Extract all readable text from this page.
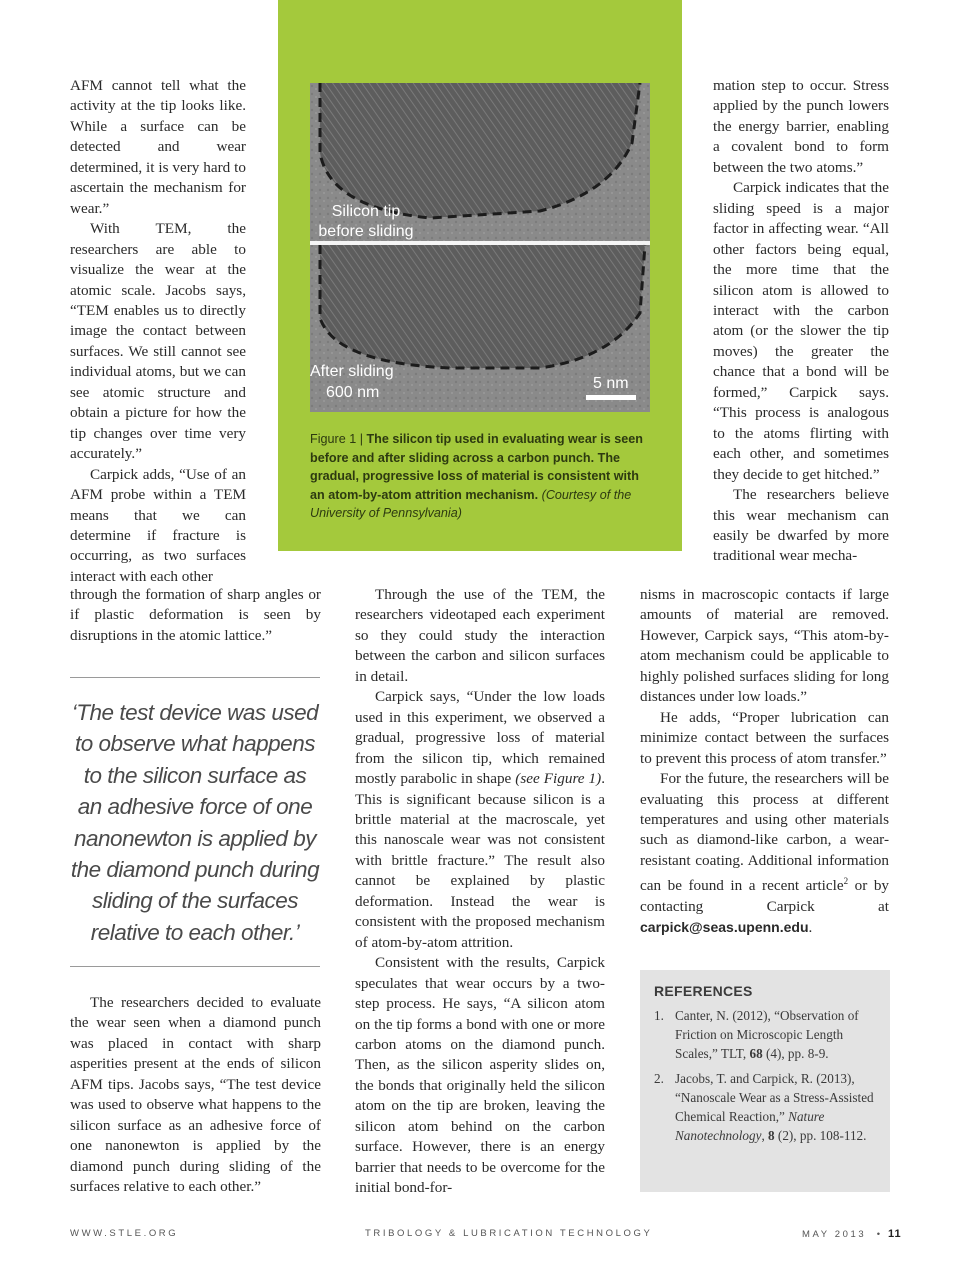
AFM cannot tell what the activity at the tip looks like. While a surface can be detected and wear determined, it is very hard to ascertain the mechanism for wear.”

With TEM, the researchers are able to visualize the wear at the atomic scale. Jacobs says, “TEM enables us to directly image the contact between surfaces. We still cannot see individual atoms, but we can see atomic structure and obtain a picture for how the tip changes over time very accurately.”

Carpick adds, “Use of an AFM probe within a TEM means that we can determine if fracture is occurring, as two surfaces interact with each other

through the formation of sharp angles or if plastic deformation is seen by disruptions in the atomic lattice.”

‘The test device was used to observe what happens to the silicon surface as an adhesive force of one nanonewton is applied by the diamond punch during sliding of the surfaces relative to each other.’

The researchers decided to evaluate the wear seen when a diamond punch was placed in contact with sharp asperities present at the ends of silicon AFM tips. Jacobs says, “The test device was used to observe what happens to the silicon surface as an adhesive force of one nanonewton is applied by the diamond punch during sliding of the surfaces relative to each other.”

Silicon tip before sliding
After sliding
600 nm
5 nm
Figure 1 | The silicon tip used in evaluating wear is seen before and after sliding across a carbon punch. The gradual, progressive loss of material is consistent with an atom-by-atom attrition mechanism. (Courtesy of the University of Pennsylvania)

Through the use of the TEM, the researchers videotaped each experiment so they could study the interaction between the carbon and silicon surfaces in detail.

Carpick says, “Under the low loads used in this experiment, we observed a gradual, progressive loss of material from the silicon tip, which remained mostly parabolic in shape (see Figure 1). This is significant because silicon is a brittle material at the macroscale, yet this nanoscale wear was not consistent with brittle fracture.” The result also cannot be explained by plastic deformation. Instead the wear is consistent with the proposed mechanism of atom-by-atom attrition.

Consistent with the results, Carpick speculates that wear occurs by a two-step process. He says, “A silicon atom on the tip forms a bond with one or more carbon atoms on the diamond punch. Then, as the silicon asperity slides on, the bonds that originally held the silicon atom on the tip are broken, leaving the silicon atom behind on the carbon surface. However, there is an energy barrier that needs to be overcome for the initial bond-for-

mation step to occur. Stress applied by the punch lowers the energy barrier, enabling a covalent bond to form between the two atoms.”

Carpick indicates that the sliding speed is a major factor in affecting wear. “All other factors being equal, the more time that the silicon atom is allowed to interact with the carbon atom (or the slower the tip moves) the greater the chance that a bond will be formed,” Carpick says. “This process is analogous to the atoms flirting with each other, and sometimes they decide to get hitched.”

The researchers believe this wear mechanism can easily be dwarfed by more traditional wear mecha-

nisms in macroscopic contacts if large amounts of material are removed. However, Carpick says, “This atom-by-atom mechanism could be applicable to highly polished surfaces sliding for long distances under low loads.”

He adds, “Proper lubrication can minimize contact between the surfaces to prevent this process of atom transfer.”

For the future, the researchers will be evaluating this process at different temperatures and using other materials such as diamond-like carbon, a wear-resistant coating. Additional information can be found in a recent article$^2$ or by contacting Carpick at carpick@seas.upenn.edu.

REFERENCES
1. Canter, N. (2012), “Observation of Friction on Microscopic Length Scales,” TLT, 68 (4), pp. 8-9.
2. Jacobs, T. and Carpick, R. (2013), “Nanoscale Wear as a Stress-Assisted Chemical Reaction,” Nature Nanotechnology, 8 (2), pp. 108-112.
WWW.STLE.ORG	TRIBOLOGY & LUBRICATION TECHNOLOGY	MAY 2013  • 11
